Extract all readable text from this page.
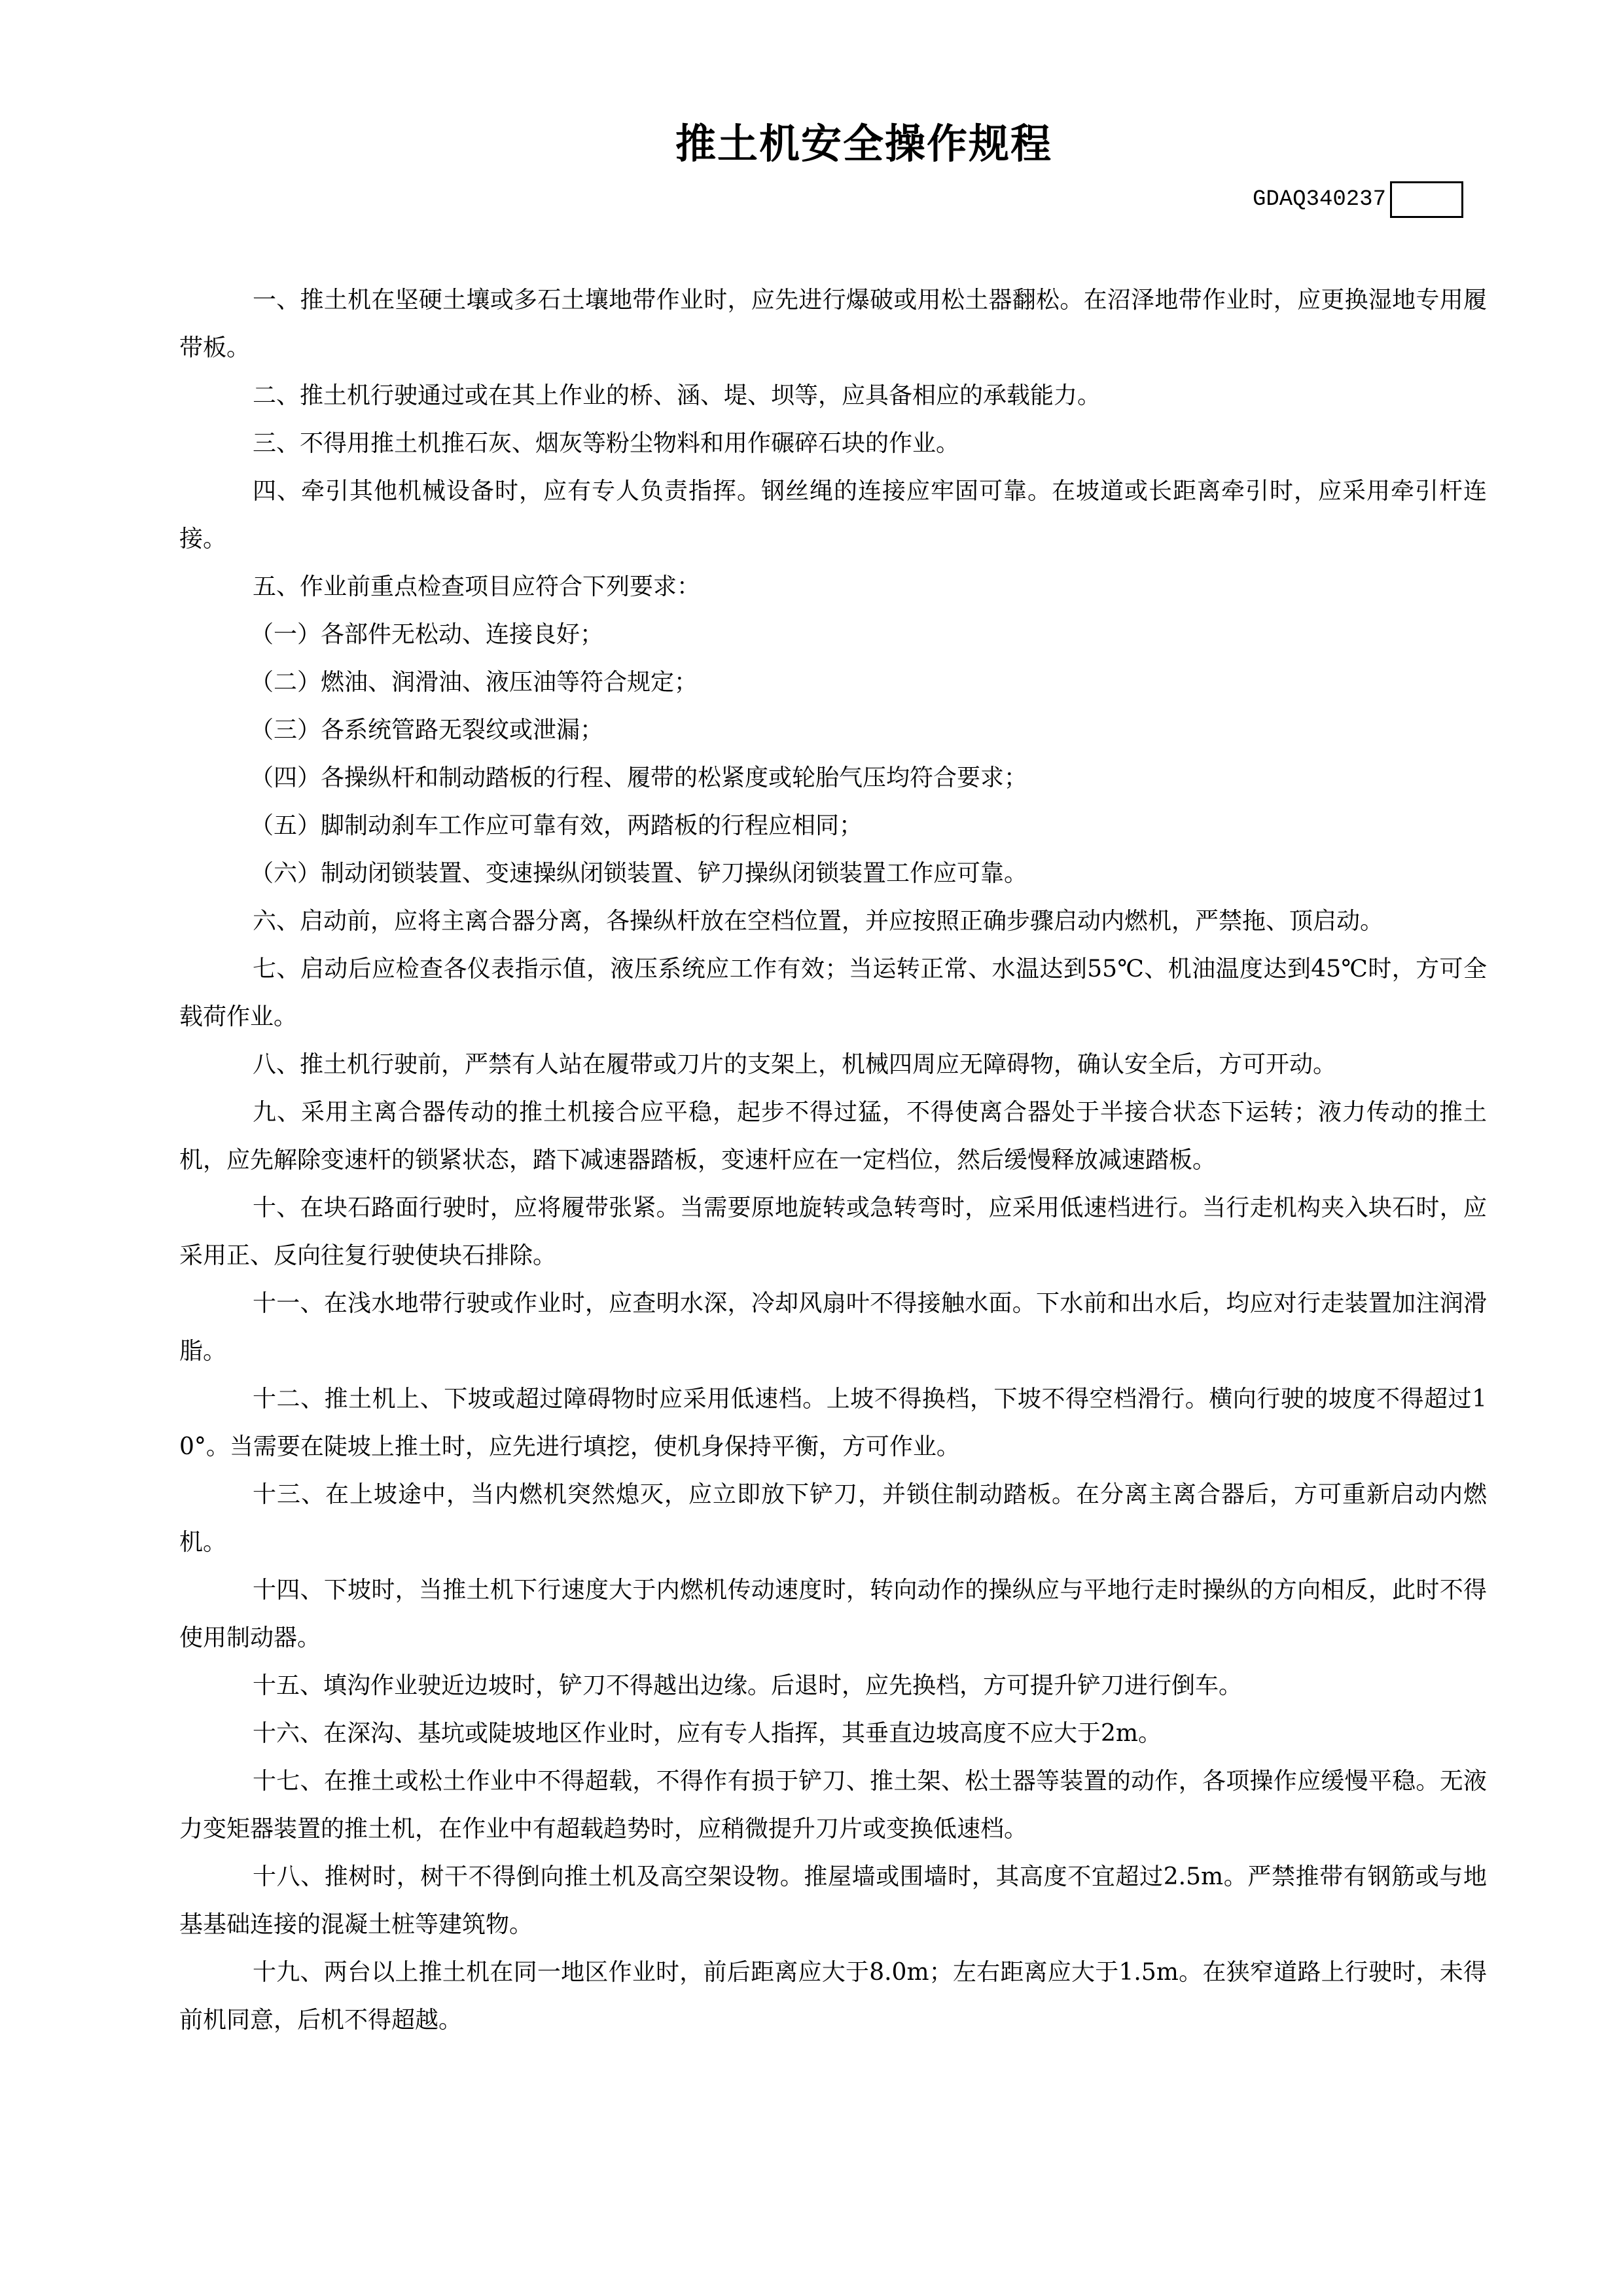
推土机安全操作规程
GDAQ340237

一、推土机在坚硬土壤或多石土壤地带作业时，应先进行爆破或用松土器翻松。在沼泽地带作业时，应更换湿地专用履带板。

二、推土机行驶通过或在其上作业的桥、涵、堤、坝等，应具备相应的承载能力。

三、不得用推土机推石灰、烟灰等粉尘物料和用作碾碎石块的作业。

四、牵引其他机械设备时，应有专人负责指挥。钢丝绳的连接应牢固可靠。在坡道或长距离牵引时，应采用牵引杆连接。

五、作业前重点检查项目应符合下列要求：

（一）各部件无松动、连接良好；

（二）燃油、润滑油、液压油等符合规定；

（三）各系统管路无裂纹或泄漏；

（四）各操纵杆和制动踏板的行程、履带的松紧度或轮胎气压均符合要求；

（五）脚制动刹车工作应可靠有效，两踏板的行程应相同；

（六）制动闭锁装置、变速操纵闭锁装置、铲刀操纵闭锁装置工作应可靠。

六、启动前，应将主离合器分离，各操纵杆放在空档位置，并应按照正确步骤启动内燃机，严禁拖、顶启动。

七、启动后应检查各仪表指示值，液压系统应工作有效；当运转正常、水温达到55℃、机油温度达到45℃时，方可全载荷作业。

八、推土机行驶前，严禁有人站在履带或刀片的支架上，机械四周应无障碍物，确认安全后，方可开动。

九、采用主离合器传动的推土机接合应平稳，起步不得过猛，不得使离合器处于半接合状态下运转；液力传动的推土机，应先解除变速杆的锁紧状态，踏下减速器踏板，变速杆应在一定档位，然后缓慢释放减速踏板。

十、在块石路面行驶时，应将履带张紧。当需要原地旋转或急转弯时，应采用低速档进行。当行走机构夹入块石时，应采用正、反向往复行驶使块石排除。

十一、在浅水地带行驶或作业时，应查明水深，冷却风扇叶不得接触水面。下水前和出水后，均应对行走装置加注润滑脂。

十二、推土机上、下坡或超过障碍物时应采用低速档。上坡不得换档，下坡不得空档滑行。横向行驶的坡度不得超过10°。当需要在陡坡上推土时，应先进行填挖，使机身保持平衡，方可作业。

十三、在上坡途中，当内燃机突然熄灭，应立即放下铲刀，并锁住制动踏板。在分离主离合器后，方可重新启动内燃机。

十四、下坡时，当推土机下行速度大于内燃机传动速度时，转向动作的操纵应与平地行走时操纵的方向相反，此时不得使用制动器。

十五、填沟作业驶近边坡时，铲刀不得越出边缘。后退时，应先换档，方可提升铲刀进行倒车。

十六、在深沟、基坑或陡坡地区作业时，应有专人指挥，其垂直边坡高度不应大于2m。

十七、在推土或松土作业中不得超载，不得作有损于铲刀、推土架、松土器等装置的动作，各项操作应缓慢平稳。无液力变矩器装置的推土机，在作业中有超载趋势时，应稍微提升刀片或变换低速档。

十八、推树时，树干不得倒向推土机及高空架设物。推屋墙或围墙时，其高度不宜超过2.5m。严禁推带有钢筋或与地基基础连接的混凝土桩等建筑物。

十九、两台以上推土机在同一地区作业时，前后距离应大于8.0m；左右距离应大于1.5m。在狭窄道路上行驶时，未得前机同意，后机不得超越。
